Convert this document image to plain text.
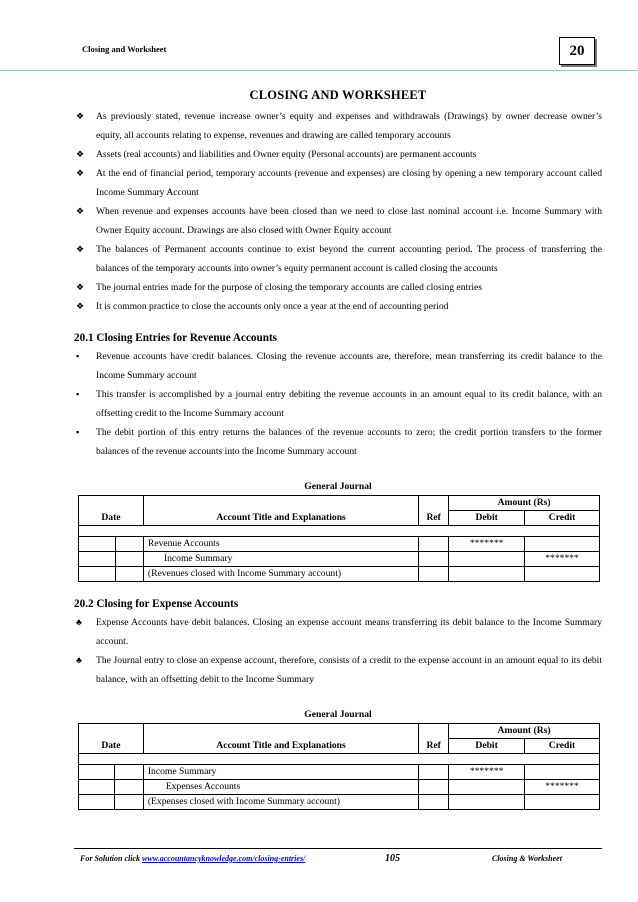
Closing and Worksheet	20
CLOSING AND WORKSHEET
❖ As previously stated, revenue increase owner’s equity and expenses and withdrawals (Drawings) by owner decrease owner’s equity, all accounts relating to expense, revenues and drawing are called temporary accounts
❖ Assets (real accounts) and liabilities and Owner equity (Personal accounts) are permanent accounts
❖ At the end of financial period, temporary accounts (revenue and expenses) are closing by opening a new temporary account called Income Summary Account
❖ When revenue and expenses accounts have been closed than we need to close last nominal account i.e. Income Summary with Owner Equity account. Drawings are also closed with Owner Equity account
❖ The balances of Permanent accounts continue to exist beyond the current accounting period. The process of transferring the balances of the temporary accounts into owner’s equity permanent account is called closing the accounts
❖ The journal entries made for the purpose of closing the temporary accounts are called closing entries
❖ It is common practice to close the accounts only once a year at the end of accounting period
20.1 Closing Entries for Revenue Accounts
▪ Revenue accounts have credit balances. Closing the revenue accounts are, therefore, mean transferring its credit balance to the Income Summary account
▪ This transfer is accomplished by a journal entry debiting the revenue accounts in an amount equal to its credit balance, with an offsetting credit to the Income Summary account
▪ The debit portion of this entry returns the balances of the revenue accounts to zero; the credit portion transfers to the former balances of the revenue accounts into the Income Summary account
General Journal
Date	Account Title and Explanations	Ref	Amount (Rs)	
			Debit	Credit

	Revenue Accounts		*******	

	Income Summary			*******

	(Revenues closed with Income Summary account)			
20.2 Closing for Expense Accounts
♣ Expense Accounts have debit balances. Closing an expense account means transferring its debit balance to the Income Summary account.
♣ The Journal entry to close an expense account, therefore, consists of a credit to the expense account in an amount equal to its debit balance, with an offsetting debit to the Income Summary
General Journal
Date		Account Title and Explanations	Ref	Amount (Rs)	
				Debit	Credit

		Income Summary		*******	
		Expenses Accounts			*******
		(Expenses closed with Income Summary account)			
For Solution click www.accountancyknowledge.com/closing-entries/	105	Closing & Worksheet
